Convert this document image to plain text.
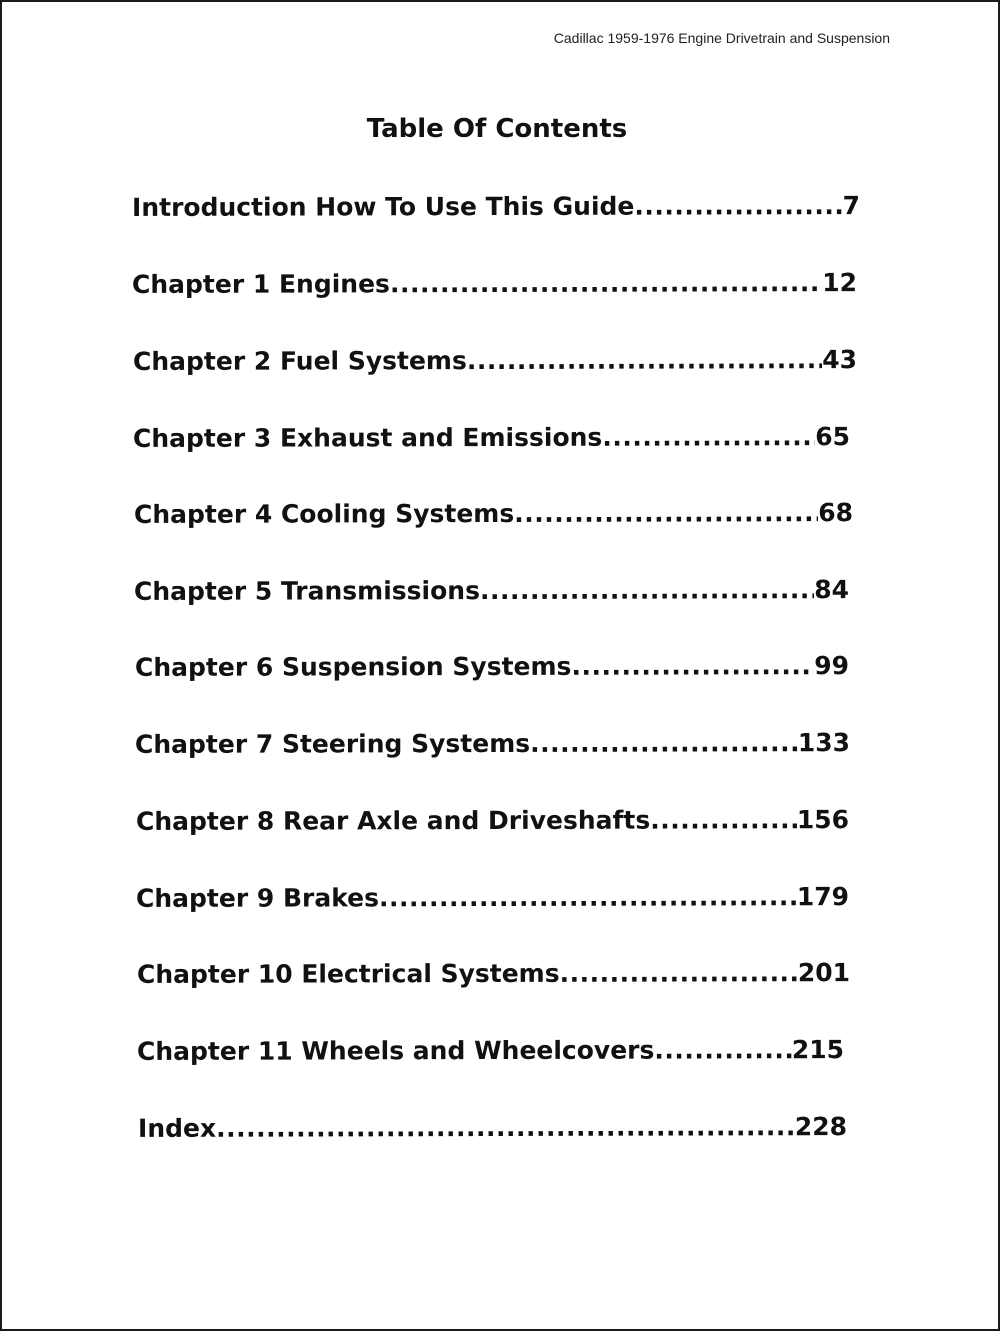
Cadillac 1959-1976 Engine Drivetrain and Suspension
Table Of Contents
Introduction How To Use This Guide .....	7
Chapter 1 Engines .....	12
Chapter 2 Fuel Systems .....	43
Chapter 3 Exhaust and Emissions .....	65
Chapter 4 Cooling Systems .....	68
Chapter 5 Transmissions .....	84
Chapter 6 Suspension Systems .....	99
Chapter 7 Steering Systems .....	133
Chapter 8 Rear Axle and Driveshafts .....	156
Chapter 9 Brakes .....	179
Chapter 10 Electrical Systems .....	201
Chapter 11 Wheels and Wheelcovers .....	215
Index .....	228
